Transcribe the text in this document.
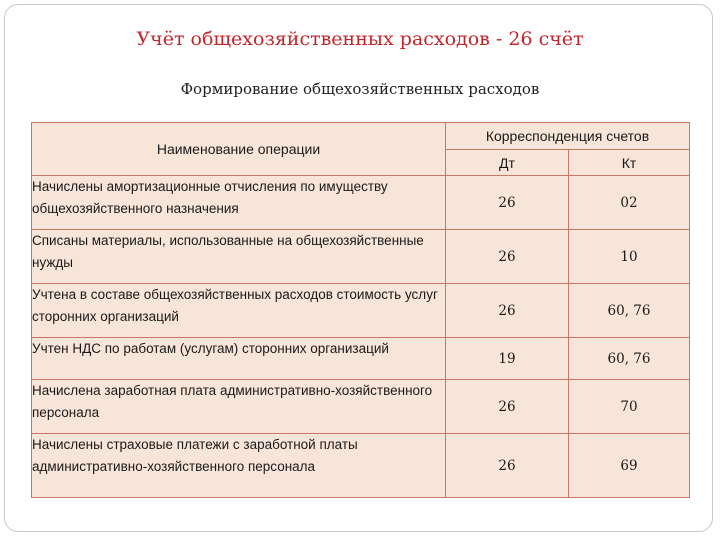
Учёт общехозяйственных расходов - 26 счёт
Формирование общехозяйственных расходов
Наименование операции	Корреспонденция счетов	
	Дт	Кт
Начислены амортизационные отчисления по имуществу общехозяйственного назначения	26	02
Списаны материалы, использованные на общехозяйственные нужды	26	10
Учтена в составе общехозяйственных расходов стоимость услуг сторонних организаций	26	60, 76
Учтен НДС по работам (услугам) сторонних организаций	19	60, 76
Начислена заработная плата административно-хозяйственного персонала	26	70
Начислены страховые платежи с заработной платы административно-хозяйственного персонала	26	69
